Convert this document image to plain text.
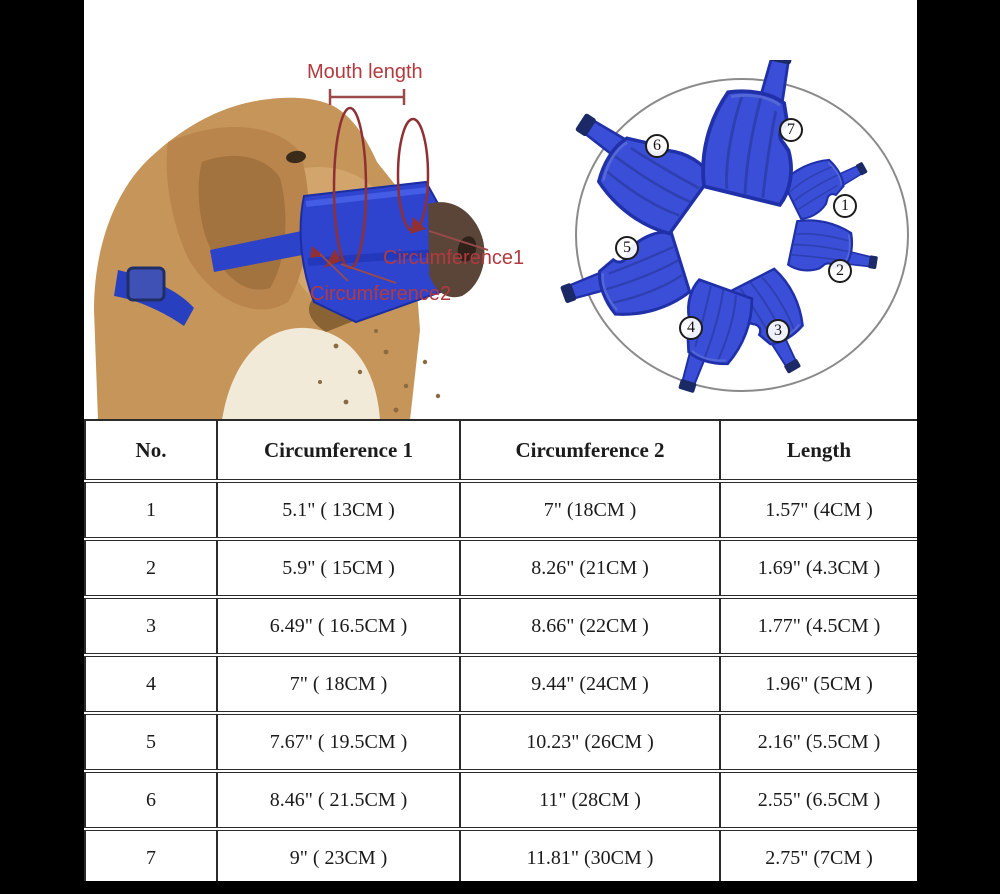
Mouth length
Circumference1
Circumference2
1
2
3
4
5
6
7
No.	Circumference 1	Circumference 2	Length
1	5.1" ( 13CM )	7" (18CM )	1.57" (4CM )
2	5.9" ( 15CM )	8.26" (21CM )	1.69" (4.3CM )
3	6.49" ( 16.5CM )	8.66" (22CM )	1.77" (4.5CM )
4	7" ( 18CM )	9.44" (24CM )	1.96" (5CM )
5	7.67" ( 19.5CM )	10.23" (26CM )	2.16" (5.5CM )
6	8.46" ( 21.5CM )	11" (28CM )	2.55" (6.5CM )
7	9" ( 23CM )	11.81" (30CM )	2.75" (7CM )
